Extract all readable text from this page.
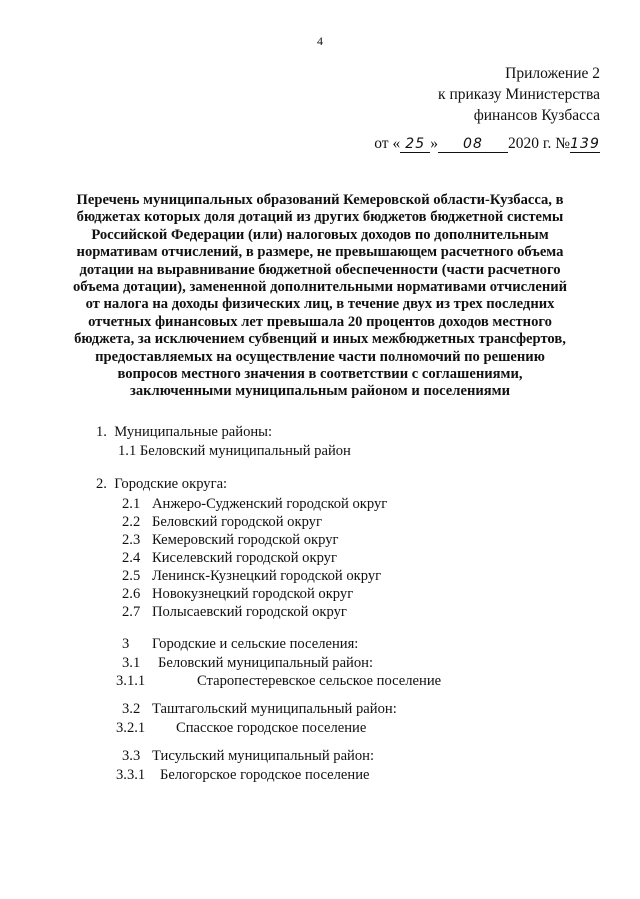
4
Приложение 2
к приказу Министерства
финансов Кузбасса
от « 25 » 08 2020 г. №139
Перечень муниципальных образований Кемеровской области-Кузбасса, в
бюджетах которых доля дотаций из других бюджетов бюджетной системы
Российской Федерации (или) налоговых доходов по дополнительным
нормативам отчислений, в размере, не превышающем расчетного объема
дотации на выравнивание бюджетной обеспеченности (части расчетного
объема дотации), замененной дополнительными нормативами отчислений
от налога на доходы физических лиц, в течение двух из трех последних
отчетных финансовых лет превышала 20 процентов доходов местного
бюджета, за исключением субвенций и иных межбюджетных трансфертов,
предоставляемых на осуществление части полномочий по решению
вопросов местного значения в соответствии с соглашениями,
заключенными муниципальным районом и поселениями
1. Муниципальные районы:
1.1 Беловский муниципальный район
2. Городские округа:
2.1 Анжеро-Судженский городской округ
2.2 Беловский городской округ
2.3 Кемеровский городской округ
2.4 Киселевский городской округ
2.5 Ленинск-Кузнецкий городской округ
2.6 Новокузнецкий городской округ
2.7 Полысаевский городской округ
3 Городские и сельские поселения:
3.1 Беловский муниципальный район:
3.1.1	Старопестеревское сельское поселение
3.2 Таштагольский муниципальный район:
3.2.1 Спасское городское поселение
3.3 Тисульский муниципальный район:
3.3.1 Белогорское городское поселение
